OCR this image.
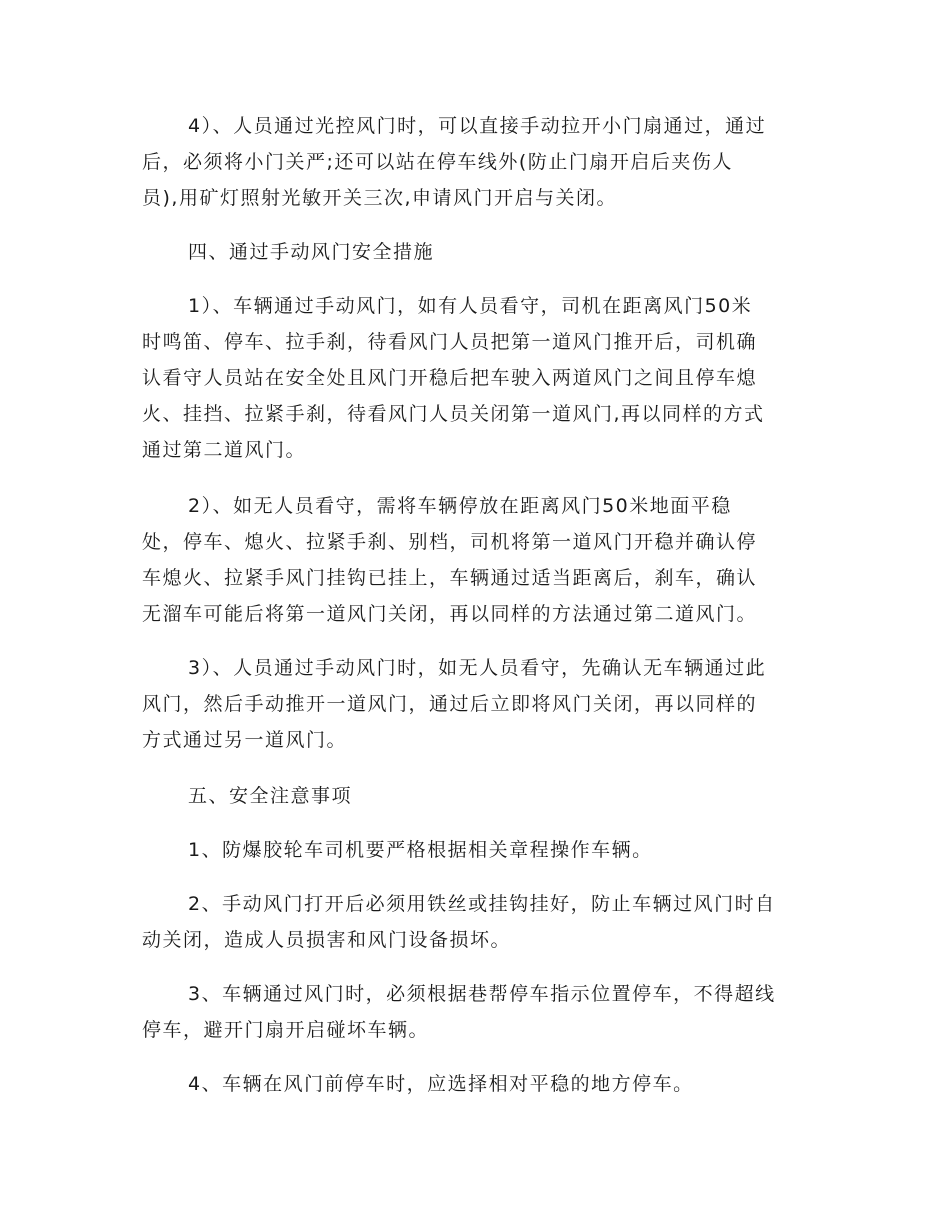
4）、人员通过光控风门时，可以直接手动拉开小门扇通过，通过
后，必须将小门关严;还可以站在停车线外(防止门扇开启后夹伤人
员),用矿灯照射光敏开关三次,申请风门开启与关闭。
四、通过手动风门安全措施
1）、车辆通过手动风门，如有人员看守，司机在距离风门50米
时鸣笛、停车、拉手刹，待看风门人员把第一道风门推开后，司机确
认看守人员站在安全处且风门开稳后把车驶入两道风门之间且停车熄
火、挂挡、拉紧手刹，待看风门人员关闭第一道风门,再以同样的方式
通过第二道风门。
2）、如无人员看守，需将车辆停放在距离风门50米地面平稳
处，停车、熄火、拉紧手刹、别档，司机将第一道风门开稳并确认停
车熄火、拉紧手风门挂钩已挂上，车辆通过适当距离后，刹车，确认
无溜车可能后将第一道风门关闭，再以同样的方法通过第二道风门。
3）、人员通过手动风门时，如无人员看守，先确认无车辆通过此
风门，然后手动推开一道风门，通过后立即将风门关闭，再以同样的
方式通过另一道风门。
五、安全注意事项
1、防爆胶轮车司机要严格根据相关章程操作车辆。
2、手动风门打开后必须用铁丝或挂钩挂好，防止车辆过风门时自
动关闭，造成人员损害和风门设备损坏。
3、车辆通过风门时，必须根据巷帮停车指示位置停车，不得超线
停车，避开门扇开启碰坏车辆。
4、车辆在风门前停车时，应选择相对平稳的地方停车。
